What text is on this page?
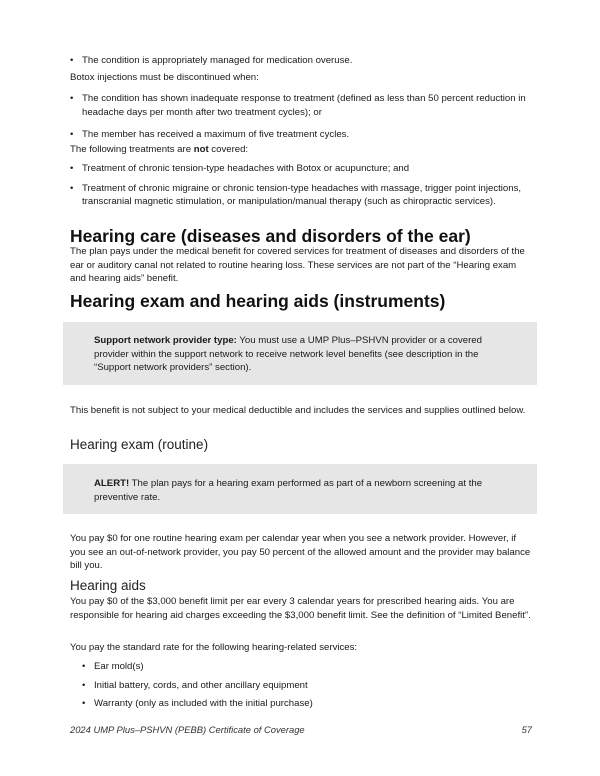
• The condition is appropriately managed for medication overuse.
Botox injections must be discontinued when:
• The condition has shown inadequate response to treatment (defined as less than 50 percent reduction in headache days per month after two treatment cycles); or
• The member has received a maximum of five treatment cycles.
The following treatments are not covered:
• Treatment of chronic tension-type headaches with Botox or acupuncture; and
• Treatment of chronic migraine or chronic tension-type headaches with massage, trigger point injections, transcranial magnetic stimulation, or manipulation/manual therapy (such as chiropractic services).
Hearing care (diseases and disorders of the ear)
The plan pays under the medical benefit for covered services for treatment of diseases and disorders of the ear or auditory canal not related to routine hearing loss. These services are not part of the “Hearing exam and hearing aids” benefit.
Hearing exam and hearing aids (instruments)
Support network provider type: You must use a UMP Plus–PSHVN provider or a covered provider within the support network to receive network level benefits (see description in the “Support network providers” section).
This benefit is not subject to your medical deductible and includes the services and supplies outlined below.
Hearing exam (routine)
ALERT! The plan pays for a hearing exam performed as part of a newborn screening at the preventive rate.
You pay $0 for one routine hearing exam per calendar year when you see a network provider. However, if you see an out-of-network provider, you pay 50 percent of the allowed amount and the provider may balance bill you.
Hearing aids
You pay $0 of the $3,000 benefit limit per ear every 3 calendar years for prescribed hearing aids. You are responsible for hearing aid charges exceeding the $3,000 benefit limit. See the definition of “Limited Benefit”.
You pay the standard rate for the following hearing-related services:
• Ear mold(s)
• Initial battery, cords, and other ancillary equipment
• Warranty (only as included with the initial purchase)
2024 UMP Plus–PSHVN (PEBB) Certificate of Coverage	57
